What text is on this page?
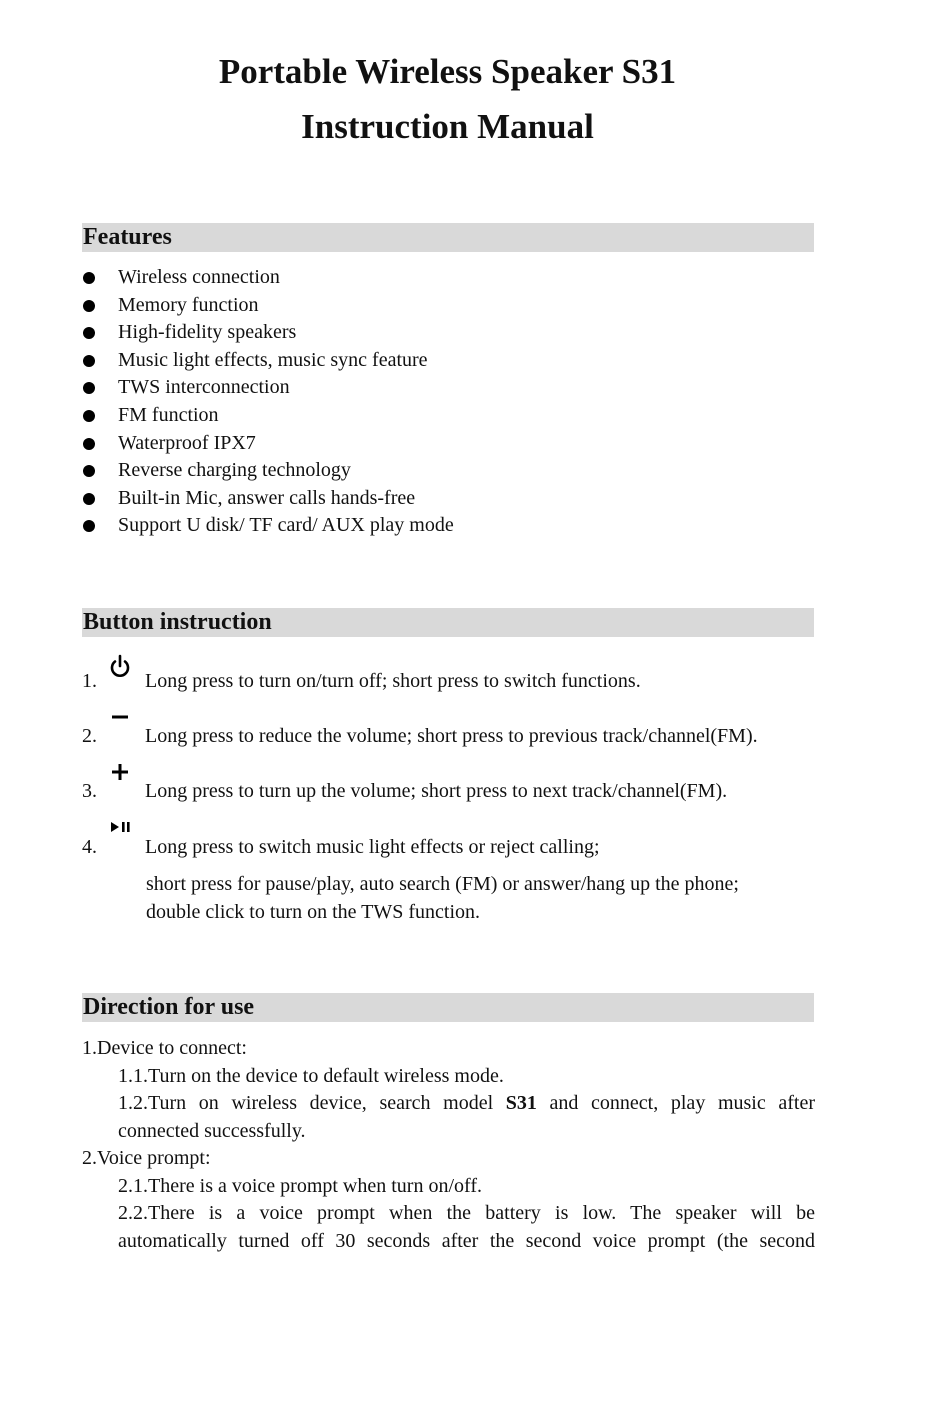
Portable Wireless Speaker S31
Instruction Manual
Features
Wireless connection
Memory function
High-fidelity speakers
Music light effects, music sync feature
TWS interconnection
FM function
Waterproof IPX7
Reverse charging technology
Built-in Mic, answer calls hands-free
Support U disk/ TF card/ AUX play mode
Button instruction
1. Long press to turn on/turn off; short press to switch functions.
2. Long press to reduce the volume; short press to previous track/channel(FM).
3. Long press to turn up the volume; short press to next track/channel(FM).
4. Long press to switch music light effects or reject calling;
short press for pause/play, auto search (FM) or answer/hang up the phone;
double click to turn on the TWS function.
Direction for use
1.Device to connect:
1.1.Turn on the device to default wireless mode.
1.2.Turn on wireless device, search model S31 and connect, play music after
connected successfully.
2.Voice prompt:
2.1.There is a voice prompt when turn on/off.
2.2.There is a voice prompt when the battery is low. The speaker will be
automatically turned off 30 seconds after the second voice prompt (the second
